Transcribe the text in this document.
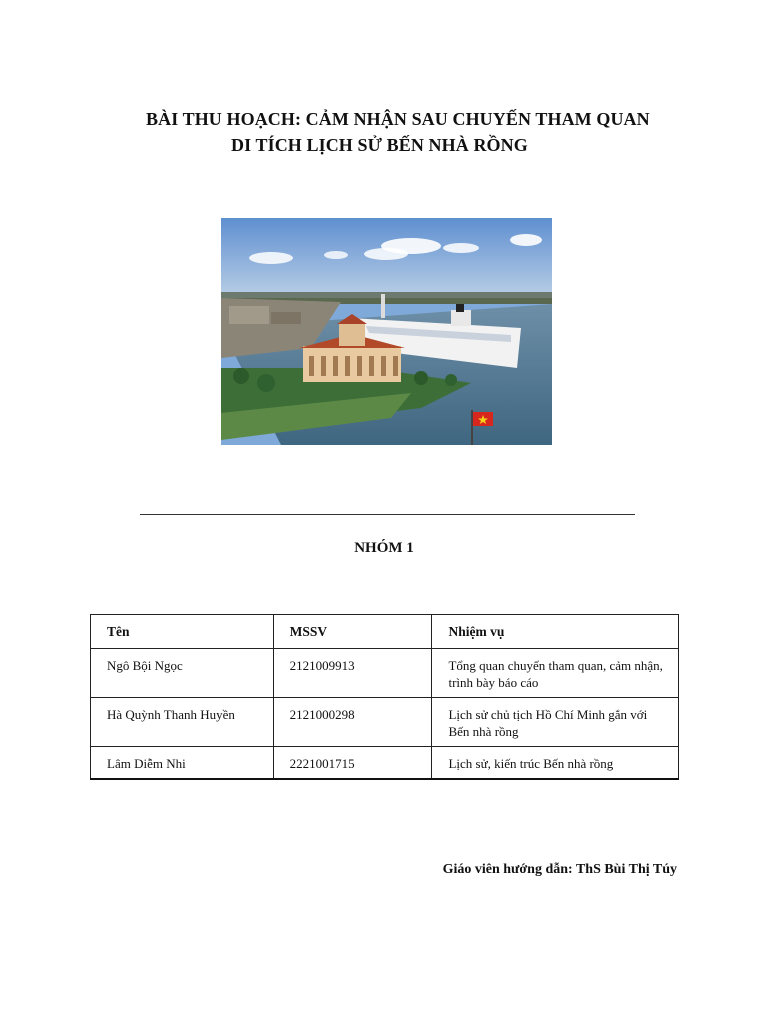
BÀI THU HOẠCH: CẢM NHẬN SAU CHUYẾN THAM QUAN
DI TÍCH LỊCH SỬ BẾN NHÀ RỒNG
NHÓM 1
Tên	MSSV	Nhiệm vụ
Ngô Bội Ngọc	2121009913	Tổng quan chuyến tham quan, cảm nhận, trình bày báo cáo
Hà Quỳnh Thanh Huyền	2121000298	Lịch sử chủ tịch Hồ Chí Minh gắn với Bến nhà rồng
Lâm Diễm Nhi	2221001715	Lịch sử, kiến trúc Bến nhà rồng
Giáo viên hướng dẫn: ThS Bùi Thị Túy
